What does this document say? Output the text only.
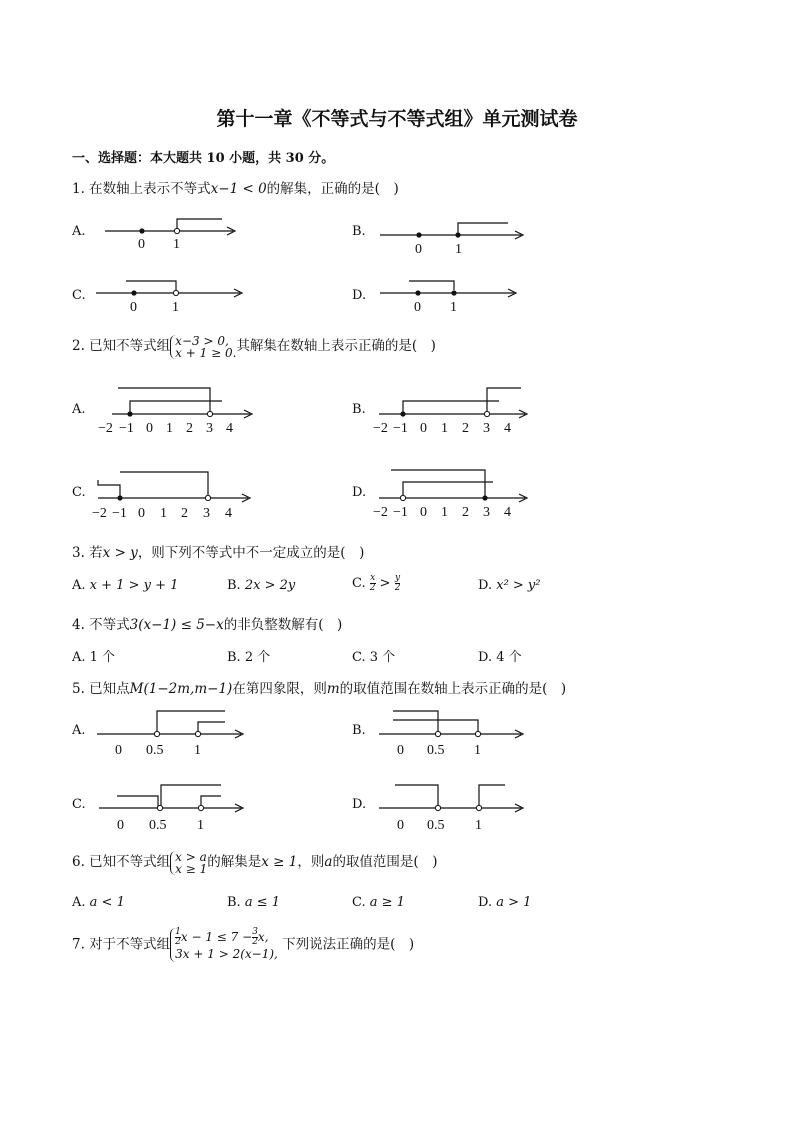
第十一章《不等式与不等式组》单元测试卷
一、选择题：本大题共 10 小题，共 30 分。
1. 在数轴上表示不等式x−1 < 0的解集，正确的是(　)
A.	B.
C.	D.
0 1	0 1
0	1	0 1
2. 已知不等式组 x−3 > 0,
x + 1 ≥ 0.其解集在数轴上表示正确的是(　)
A.	B.
C.	D.
−2 −1 0 1 2 3 4	−2 −1 0 1 2 3 4
−2 −1 0 1 2 3 4	−2 −1 0 1 2 3 4
3. 若x > y，则下列不等式中不一定成立的是(　)
A. x + 1 > y + 1	B. 2x > 2y	C. $\frac{x}{2} > \frac{y}{2}$	D. x² > y²
4. 不等式3(x−1) ≤ 5−x的非负整数解有(　)
A. 1 个	B. 2 个	C. 3 个	D. 4 个
5. 已知点M(1−2m,m−1)在第四象限，则m的取值范围在数轴上表示正确的是(　)
A.	B.
C.	D.
0 0.5 1	0 0.5 1
0 0.5 1	0 0.5 1
6. 已知不等式组 x > a
x ≥ 1的解集是x ≥ 1，则a的取值范围是(　)
A. a < 1	B. a ≤ 1	C. a ≥ 1	D. a > 1
7. 对于不等式组 $\frac{1}{2}$ $x - 1 \le 7 - \frac{3}{2} x$,
3x + 1 > 2(x−1), 下列说法正确的是(　)
